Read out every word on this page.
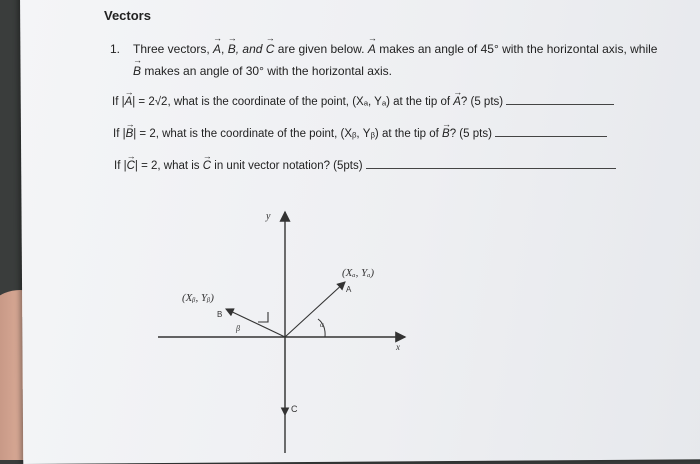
Vectors
1. Three vectors, → A, → B, and → C are given below. → A makes an angle of 45° with the horizontal axis, while
→ B makes an angle of 30° with the horizontal axis.
If |→ A| = 2√2, what is the coordinate of the point, (Xₐ, Yₐ) at the tip of → A? (5 pts)
If |→ B| = 2, what is the coordinate of the point, (Xᵦ, Yᵦ) at the tip of → B? (5 pts)
If |→ C| = 2, what is → C in unit vector notation? (5pts)
y
x
(Xₐ, Yₐ)
A
(Xᵦ, Yᵦ)
B
β	α
C
